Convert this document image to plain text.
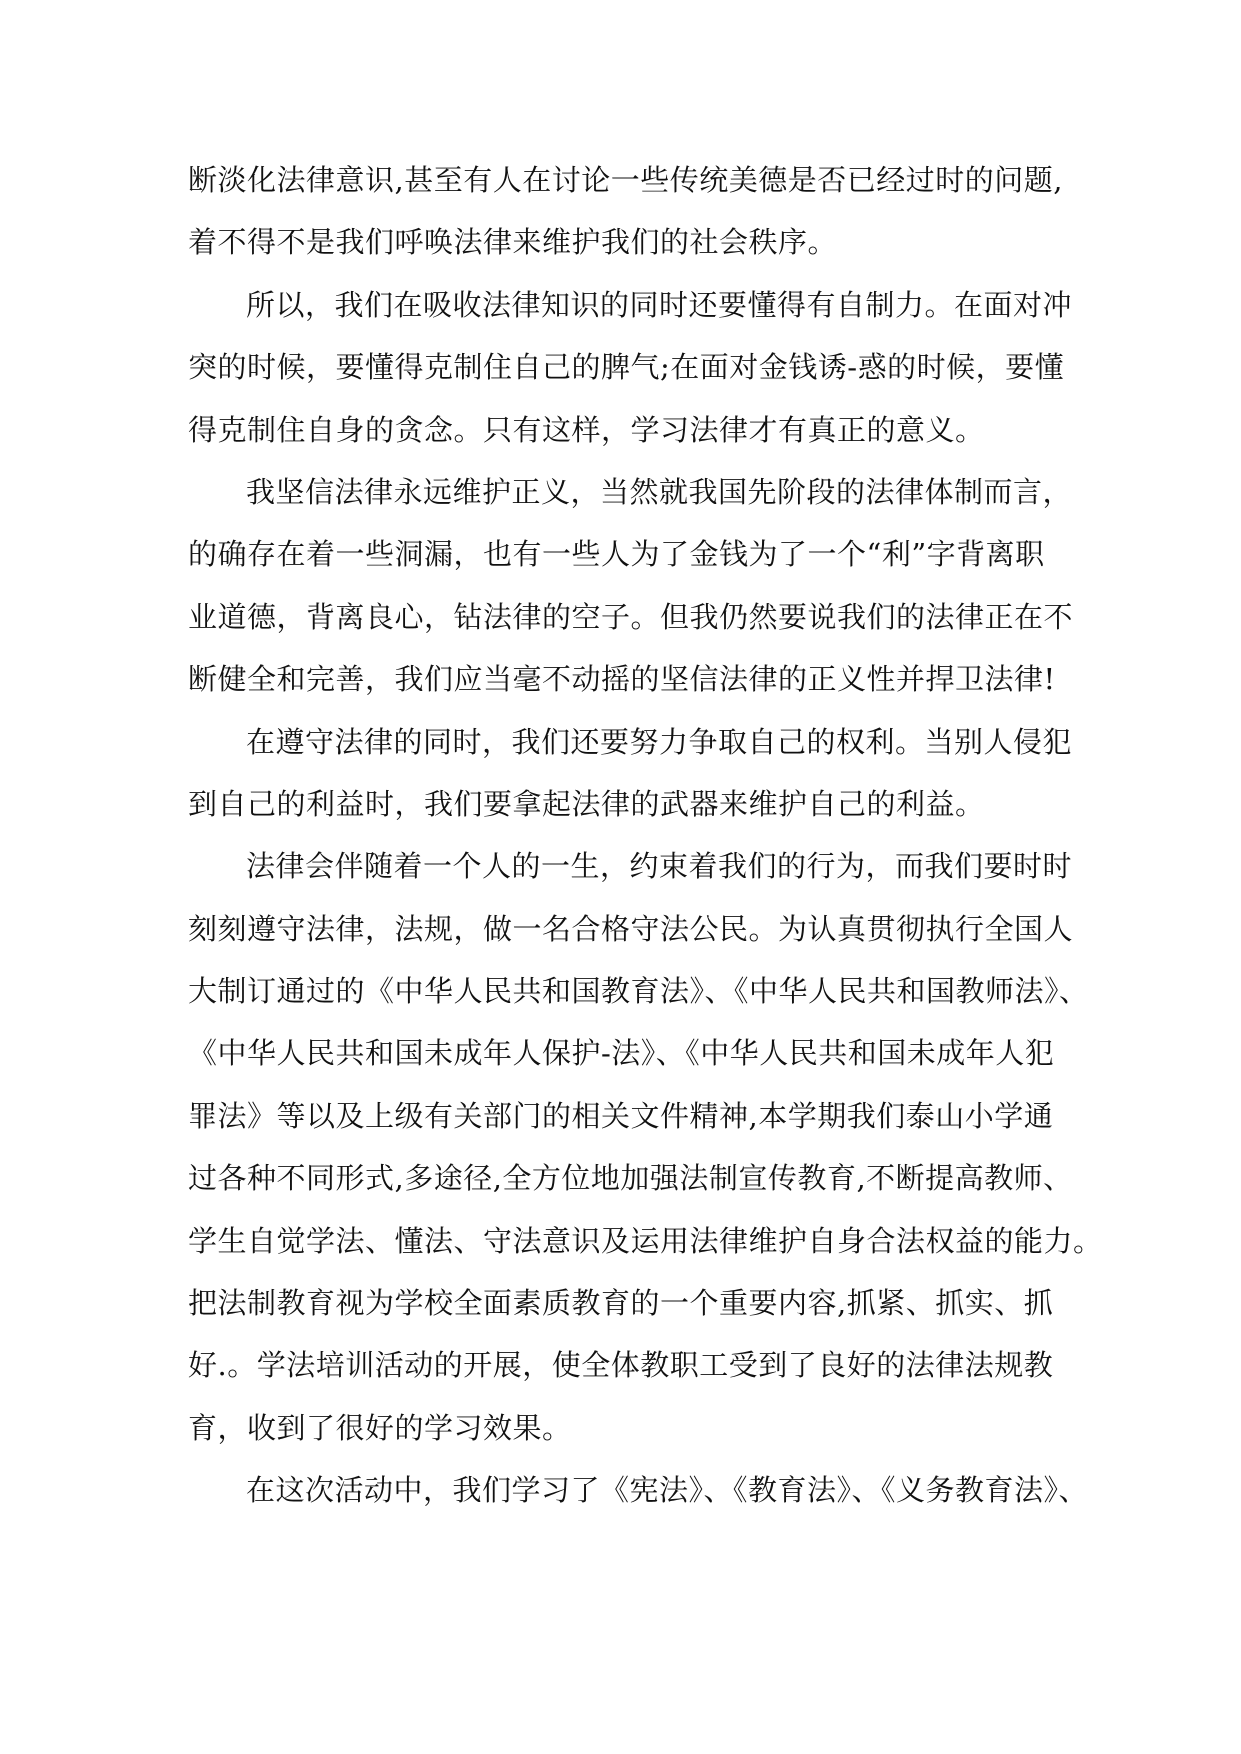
断淡化法律意识,甚至有人在讨论一些传统美德是否已经过时的问题,
着不得不是我们呼唤法律来维护我们的社会秩序。
所以，我们在吸收法律知识的同时还要懂得有自制力。在面对冲
突的时候，要懂得克制住自己的脾气;在面对金钱诱-惑的时候，要懂
得克制住自身的贪念。只有这样，学习法律才有真正的意义。
我坚信法律永远维护正义，当然就我国先阶段的法律体制而言，
的确存在着一些洞漏，也有一些人为了金钱为了一个“利”字背离职
业道德，背离良心，钻法律的空子。但我仍然要说我们的法律正在不
断健全和完善，我们应当毫不动摇的坚信法律的正义性并捍卫法律!
在遵守法律的同时，我们还要努力争取自己的权利。当别人侵犯
到自己的利益时，我们要拿起法律的武器来维护自己的利益。
法律会伴随着一个人的一生，约束着我们的行为，而我们要时时
刻刻遵守法律，法规，做一名合格守法公民。为认真贯彻执行全国人
大制订通过的《中华人民共和国教育法》、《中华人民共和国教师法》、
《中华人民共和国未成年人保护-法》、《中华人民共和国未成年人犯
罪法》等以及上级有关部门的相关文件精神,本学期我们泰山小学通
过各种不同形式,多途径,全方位地加强法制宣传教育,不断提高教师、
学生自觉学法、懂法、守法意识及运用法律维护自身合法权益的能力。
把法制教育视为学校全面素质教育的一个重要内容,抓紧、抓实、抓
好.。学法培训活动的开展，使全体教职工受到了良好的法律法规教
育，收到了很好的学习效果。
在这次活动中，我们学习了《宪法》、《教育法》、《义务教育法》、
